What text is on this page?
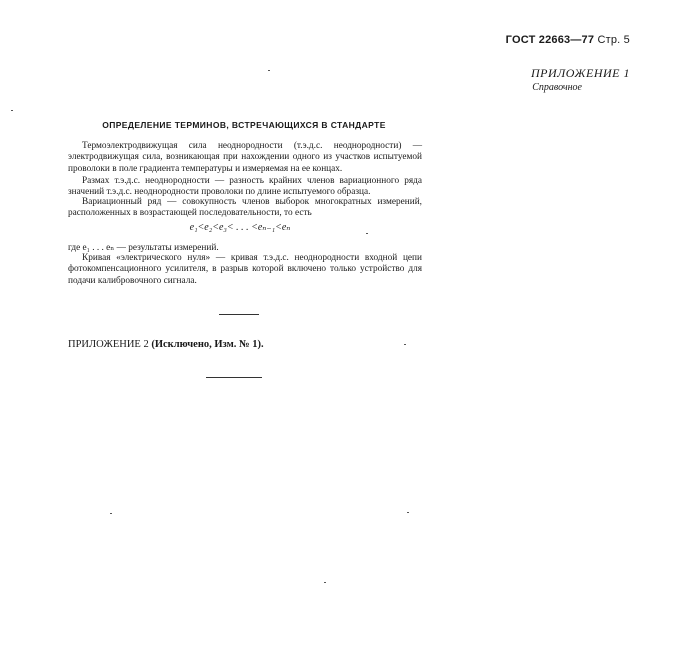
ГОСТ 22663—77 Стр. 5
ПРИЛОЖЕНИЕ 1
Справочное
ОПРЕДЕЛЕНИЕ ТЕРМИНОВ, ВСТРЕЧАЮЩИХСЯ В СТАНДАРТЕ
Термоэлектродвижущая сила неоднородности (т.э.д.с. неоднородности) — электродвижущая сила, возникающая при нахождении одного из участков испытуемой проволоки в поле градиента температуры и измеряемая на ее концах.
Размах т.э.д.с. неоднородности — разность крайних членов вариационного ряда значений т.э.д.с. неоднородности проволоки по длине испытуемого образца.
Вариационный ряд — совокупность членов выборок многократных измерений, расположенных в возрастающей последовательности, то есть
e₁<e₂<e₃< . . . <eₙ₋₁<eₙ
где e₁ . . . eₙ — результаты измерений.
Кривая «электрического нуля» — кривая т.э.д.с. неоднородности входной цепи фотокомпенсационного усилителя, в разрыв которой включено только устройство для подачи калибровочного сигнала.
ПРИЛОЖЕНИЕ 2 (Исключено, Изм. № 1).
